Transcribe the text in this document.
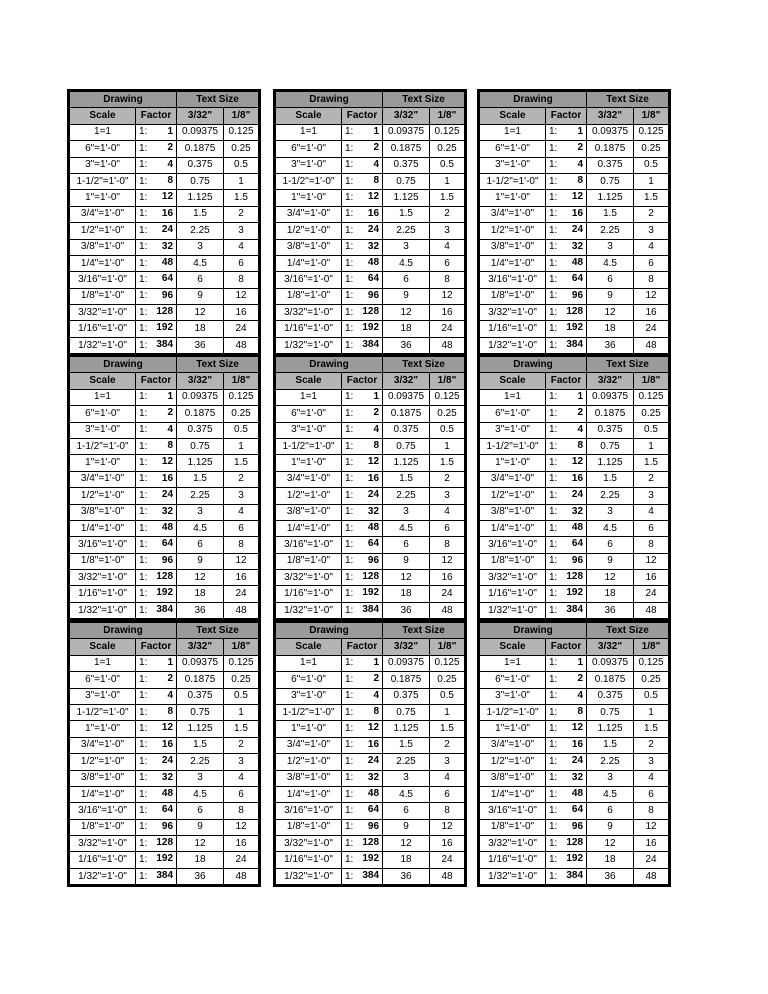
Drawing		Text Size	
Scale	Factor	3/32"	1/8"
1=1	1: 1	0.09375	0.125
6"=1'-0"	1: 2	0.1875	0.25
3"=1'-0"	1: 4	0.375	0.5
1-1/2"=1'-0"	1: 8	0.75	1
1"=1'-0"	1: 12	1.125	1.5
3/4"=1'-0"	1: 16	1.5	2
1/2"=1'-0"	1: 24	2.25	3
3/8"=1'-0"	1: 32	3	4
1/4"=1'-0"	1: 48	4.5	6
3/16"=1'-0"	1: 64	6	8
1/8"=1'-0"	1: 96	9	12
3/32"=1'-0"	1: 128	12	16
1/16"=1'-0"	1: 192	18	24
1/32"=1'-0"	1: 384	36	48
Drawing		Text Size	
Scale	Factor	3/32"	1/8"
1=1	1: 1	0.09375	0.125
6"=1'-0"	1: 2	0.1875	0.25
3"=1'-0"	1: 4	0.375	0.5
1-1/2"=1'-0"	1: 8	0.75	1
1"=1'-0"	1: 12	1.125	1.5
3/4"=1'-0"	1: 16	1.5	2
1/2"=1'-0"	1: 24	2.25	3
3/8"=1'-0"	1: 32	3	4
1/4"=1'-0"	1: 48	4.5	6
3/16"=1'-0"	1: 64	6	8
1/8"=1'-0"	1: 96	9	12
3/32"=1'-0"	1: 128	12	16
1/16"=1'-0"	1: 192	18	24
1/32"=1'-0"	1: 384	36	48
Drawing		Text Size	
Scale	Factor	3/32"	1/8"
1=1	1: 1	0.09375	0.125
6"=1'-0"	1: 2	0.1875	0.25
3"=1'-0"	1: 4	0.375	0.5
1-1/2"=1'-0"	1: 8	0.75	1
1"=1'-0"	1: 12	1.125	1.5
3/4"=1'-0"	1: 16	1.5	2
1/2"=1'-0"	1: 24	2.25	3
3/8"=1'-0"	1: 32	3	4
1/4"=1'-0"	1: 48	4.5	6
3/16"=1'-0"	1: 64	6	8
1/8"=1'-0"	1: 96	9	12
3/32"=1'-0"	1: 128	12	16
1/16"=1'-0"	1: 192	18	24
1/32"=1'-0"	1: 384	36	48
Drawing		Text Size	
Scale	Factor	3/32"	1/8"
1=1	1: 1	0.09375	0.125
6"=1'-0"	1: 2	0.1875	0.25
3"=1'-0"	1: 4	0.375	0.5
1-1/2"=1'-0"	1: 8	0.75	1
1"=1'-0"	1: 12	1.125	1.5
3/4"=1'-0"	1: 16	1.5	2
1/2"=1'-0"	1: 24	2.25	3
3/8"=1'-0"	1: 32	3	4
1/4"=1'-0"	1: 48	4.5	6
3/16"=1'-0"	1: 64	6	8
1/8"=1'-0"	1: 96	9	12
3/32"=1'-0"	1: 128	12	16
1/16"=1'-0"	1: 192	18	24
1/32"=1'-0"	1: 384	36	48
Drawing		Text Size	
Scale	Factor	3/32"	1/8"
1=1	1: 1	0.09375	0.125
6"=1'-0"	1: 2	0.1875	0.25
3"=1'-0"	1: 4	0.375	0.5
1-1/2"=1'-0"	1: 8	0.75	1
1"=1'-0"	1: 12	1.125	1.5
3/4"=1'-0"	1: 16	1.5	2
1/2"=1'-0"	1: 24	2.25	3
3/8"=1'-0"	1: 32	3	4
1/4"=1'-0"	1: 48	4.5	6
3/16"=1'-0"	1: 64	6	8
1/8"=1'-0"	1: 96	9	12
3/32"=1'-0"	1: 128	12	16
1/16"=1'-0"	1: 192	18	24
1/32"=1'-0"	1: 384	36	48
Drawing		Text Size	
Scale	Factor	3/32"	1/8"
1=1	1: 1	0.09375	0.125
6"=1'-0"	1: 2	0.1875	0.25
3"=1'-0"	1: 4	0.375	0.5
1-1/2"=1'-0"	1: 8	0.75	1
1"=1'-0"	1: 12	1.125	1.5
3/4"=1'-0"	1: 16	1.5	2
1/2"=1'-0"	1: 24	2.25	3
3/8"=1'-0"	1: 32	3	4
1/4"=1'-0"	1: 48	4.5	6
3/16"=1'-0"	1: 64	6	8
1/8"=1'-0"	1: 96	9	12
3/32"=1'-0"	1: 128	12	16
1/16"=1'-0"	1: 192	18	24
1/32"=1'-0"	1: 384	36	48
Drawing		Text Size	
Scale	Factor	3/32"	1/8"
1=1	1: 1	0.09375	0.125
6"=1'-0"	1: 2	0.1875	0.25
3"=1'-0"	1: 4	0.375	0.5
1-1/2"=1'-0"	1: 8	0.75	1
1"=1'-0"	1: 12	1.125	1.5
3/4"=1'-0"	1: 16	1.5	2
1/2"=1'-0"	1: 24	2.25	3
3/8"=1'-0"	1: 32	3	4
1/4"=1'-0"	1: 48	4.5	6
3/16"=1'-0"	1: 64	6	8
1/8"=1'-0"	1: 96	9	12
3/32"=1'-0"	1: 128	12	16
1/16"=1'-0"	1: 192	18	24
1/32"=1'-0"	1: 384	36	48
Drawing		Text Size	
Scale	Factor	3/32"	1/8"
1=1	1: 1	0.09375	0.125
6"=1'-0"	1: 2	0.1875	0.25
3"=1'-0"	1: 4	0.375	0.5
1-1/2"=1'-0"	1: 8	0.75	1
1"=1'-0"	1: 12	1.125	1.5
3/4"=1'-0"	1: 16	1.5	2
1/2"=1'-0"	1: 24	2.25	3
3/8"=1'-0"	1: 32	3	4
1/4"=1'-0"	1: 48	4.5	6
3/16"=1'-0"	1: 64	6	8
1/8"=1'-0"	1: 96	9	12
3/32"=1'-0"	1: 128	12	16
1/16"=1'-0"	1: 192	18	24
1/32"=1'-0"	1: 384	36	48
Drawing		Text Size	
Scale	Factor	3/32"	1/8"
1=1	1: 1	0.09375	0.125
6"=1'-0"	1: 2	0.1875	0.25
3"=1'-0"	1: 4	0.375	0.5
1-1/2"=1'-0"	1: 8	0.75	1
1"=1'-0"	1: 12	1.125	1.5
3/4"=1'-0"	1: 16	1.5	2
1/2"=1'-0"	1: 24	2.25	3
3/8"=1'-0"	1: 32	3	4
1/4"=1'-0"	1: 48	4.5	6
3/16"=1'-0"	1: 64	6	8
1/8"=1'-0"	1: 96	9	12
3/32"=1'-0"	1: 128	12	16
1/16"=1'-0"	1: 192	18	24
1/32"=1'-0"	1: 384	36	48
